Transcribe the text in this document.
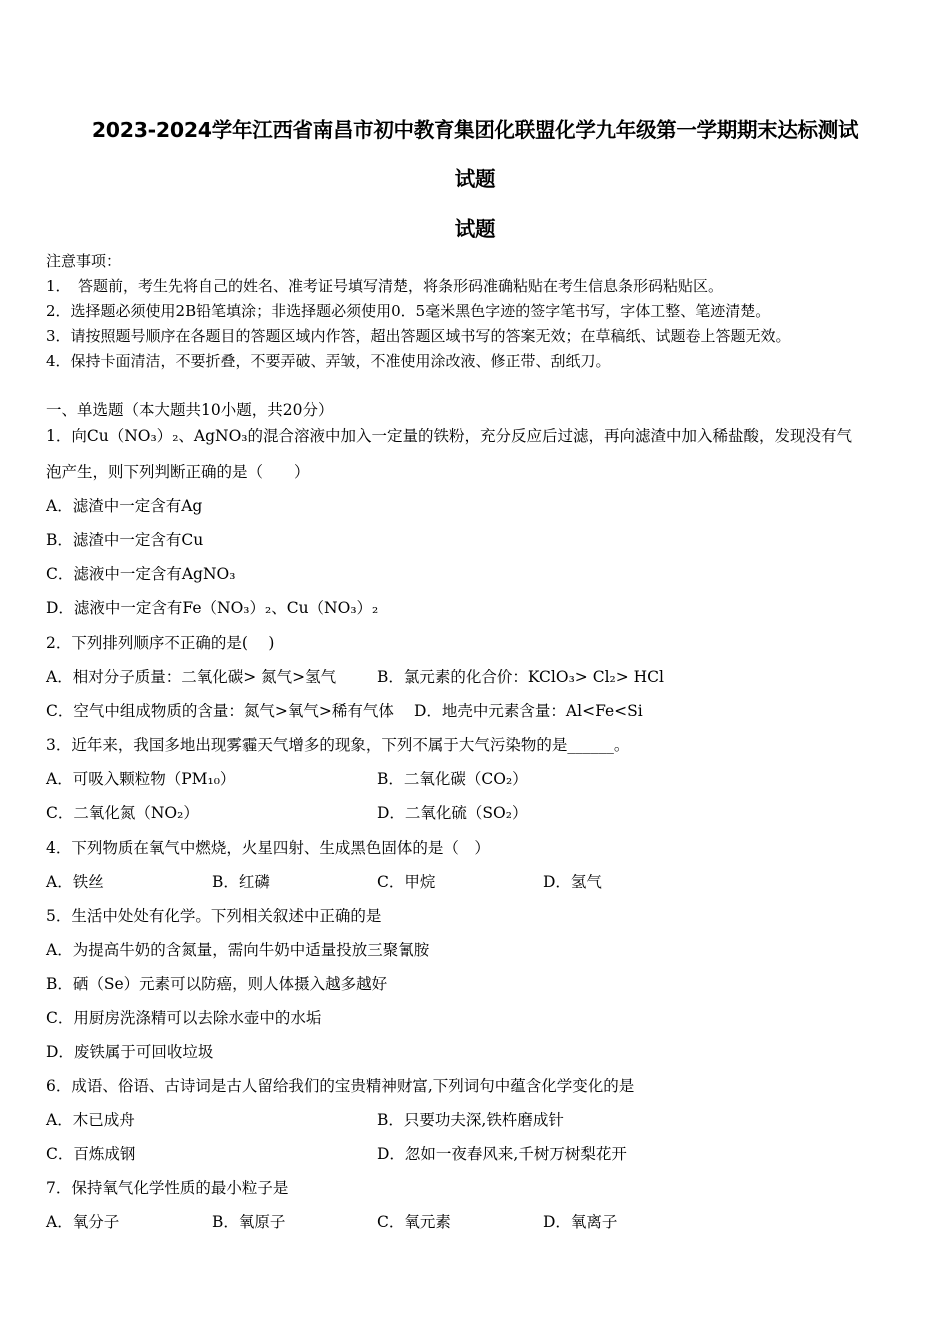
2023-2024学年江西省南昌市初中教育集团化联盟化学九年级第一学期期末达标测试
试题
试题
注意事项：
1．　答题前，考生先将自己的姓名、准考证号填写清楚，将条形码准确粘贴在考生信息条形码粘贴区。
2．选择题必须使用2B铅笔填涂；非选择题必须使用0．5毫米黑色字迹的签字笔书写，字体工整、笔迹清楚。
3．请按照题号顺序在各题目的答题区域内作答，超出答题区域书写的答案无效；在草稿纸、试题卷上答题无效。
4．保持卡面清洁，不要折叠，不要弄破、弄皱，不准使用涂改液、修正带、刮纸刀。
一、单选题（本大题共10小题，共20分）
1．向Cu（NO₃）₂、AgNO₃的混合溶液中加入一定量的铁粉，充分反应后过滤，再向滤渣中加入稀盐酸，发现没有气
泡产生，则下列判断正确的是（　　）
A．滤渣中一定含有Ag
B．滤渣中一定含有Cu
C．滤液中一定含有AgNO₃
D．滤液中一定含有Fe（NO₃）₂、Cu（NO₃）₂
2．下列排列顺序不正确的是(　 )
A．相对分子质量：二氧化碳> 氮气>氢气	B．氯元素的化合价：KClO₃> Cl₂> HCl
C．空气中组成物质的含量：氮气>氧气>稀有气体 D．地壳中元素含量：Al<Fe<Si
3．近年来，我国多地出现雾霾天气增多的现象，下列不属于大气污染物的是______。
A．可吸入颗粒物（PM₁₀）	B．二氧化碳（CO₂）
C．二氧化氮（NO₂）	D．二氧化硫（SO₂）
4．下列物质在氧气中燃烧，火星四射、生成黑色固体的是（　）
A．铁丝	B．红磷	C．甲烷	D．氢气
5．生活中处处有化学。下列相关叙述中正确的是
A．为提高牛奶的含氮量，需向牛奶中适量投放三聚氰胺
B．硒（Se）元素可以防癌，则人体摄入越多越好
C．用厨房洗涤精可以去除水壶中的水垢
D．废铁属于可回收垃圾
6．成语、俗语、古诗词是古人留给我们的宝贵精神财富,下列词句中蕴含化学变化的是
A．木已成舟	B．只要功夫深,铁杵磨成针
C．百炼成钢	D．忽如一夜春风来,千树万树梨花开
7．保持氧气化学性质的最小粒子是
A．氧分子	B．氧原子	C．氧元素	D．氧离子
